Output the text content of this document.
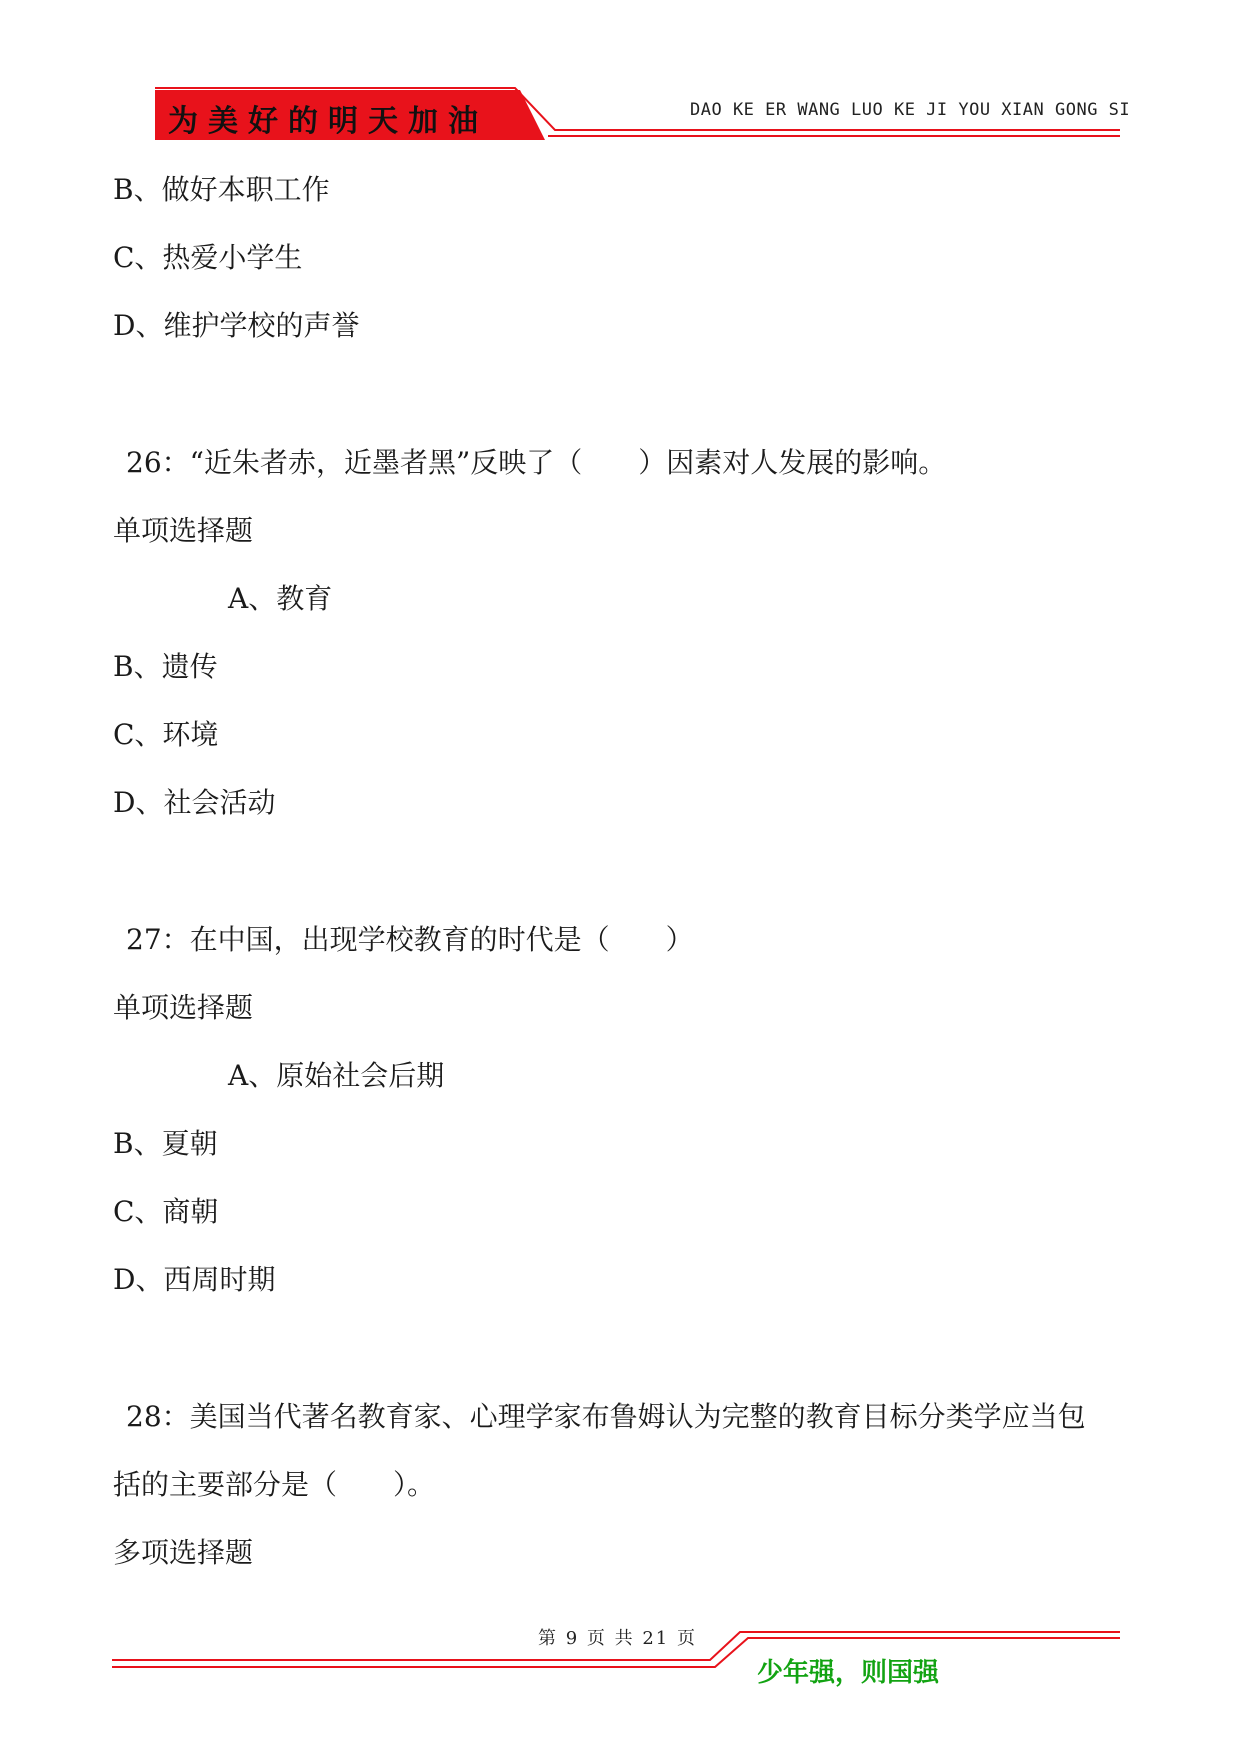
为美好的明天加油	DAO KE ER WANG LUO KE JI YOU XIAN GONG SI
B、做好本职工作
C、热爱小学生
D、维护学校的声誉
26：“近朱者赤，近墨者黑”反映了（　　）因素对人发展的影响。
单项选择题
A、教育
B、遗传
C、环境
D、社会活动
27：在中国，出现学校教育的时代是（　　）
单项选择题
A、原始社会后期
B、夏朝
C、商朝
D、西周时期
28：美国当代著名教育家、心理学家布鲁姆认为完整的教育目标分类学应当包
括的主要部分是（　　）。
多项选择题
第 9 页 共 21 页
少年强，则国强
